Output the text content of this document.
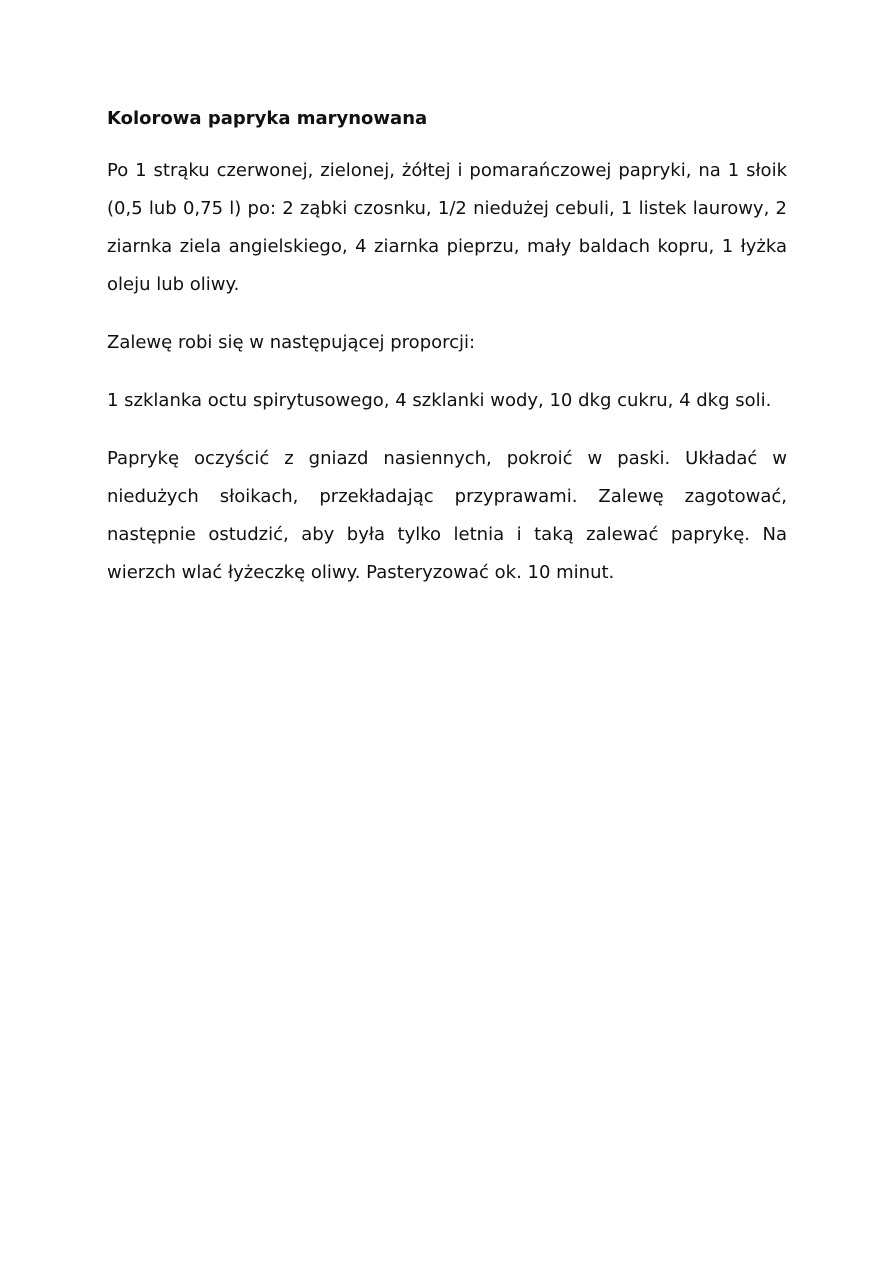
Kolorowa papryka marynowana

Po 1 strąku czerwonej, zielonej, żółtej i pomarańczowej papryki, na 1 słoik (0,5 lub 0,75 l) po: 2 ząbki czosnku, 1/2 niedużej cebuli, 1 listek laurowy, 2 ziarnka ziela angielskiego, 4 ziarnka pieprzu, mały baldach kopru, 1 łyżka oleju lub oliwy.

Zalewę robi się w następującej proporcji:

1 szklanka octu spirytusowego, 4 szklanki wody, 10 dkg cukru, 4 dkg soli.

Paprykę oczyścić z gniazd nasiennych, pokroić w paski. Układać w niedużych słoikach, przekładając przyprawami. Zalewę zagotować, następnie ostudzić, aby była tylko letnia i taką zalewać paprykę. Na wierzch wlać łyżeczkę oliwy. Pasteryzować ok. 10 minut.
